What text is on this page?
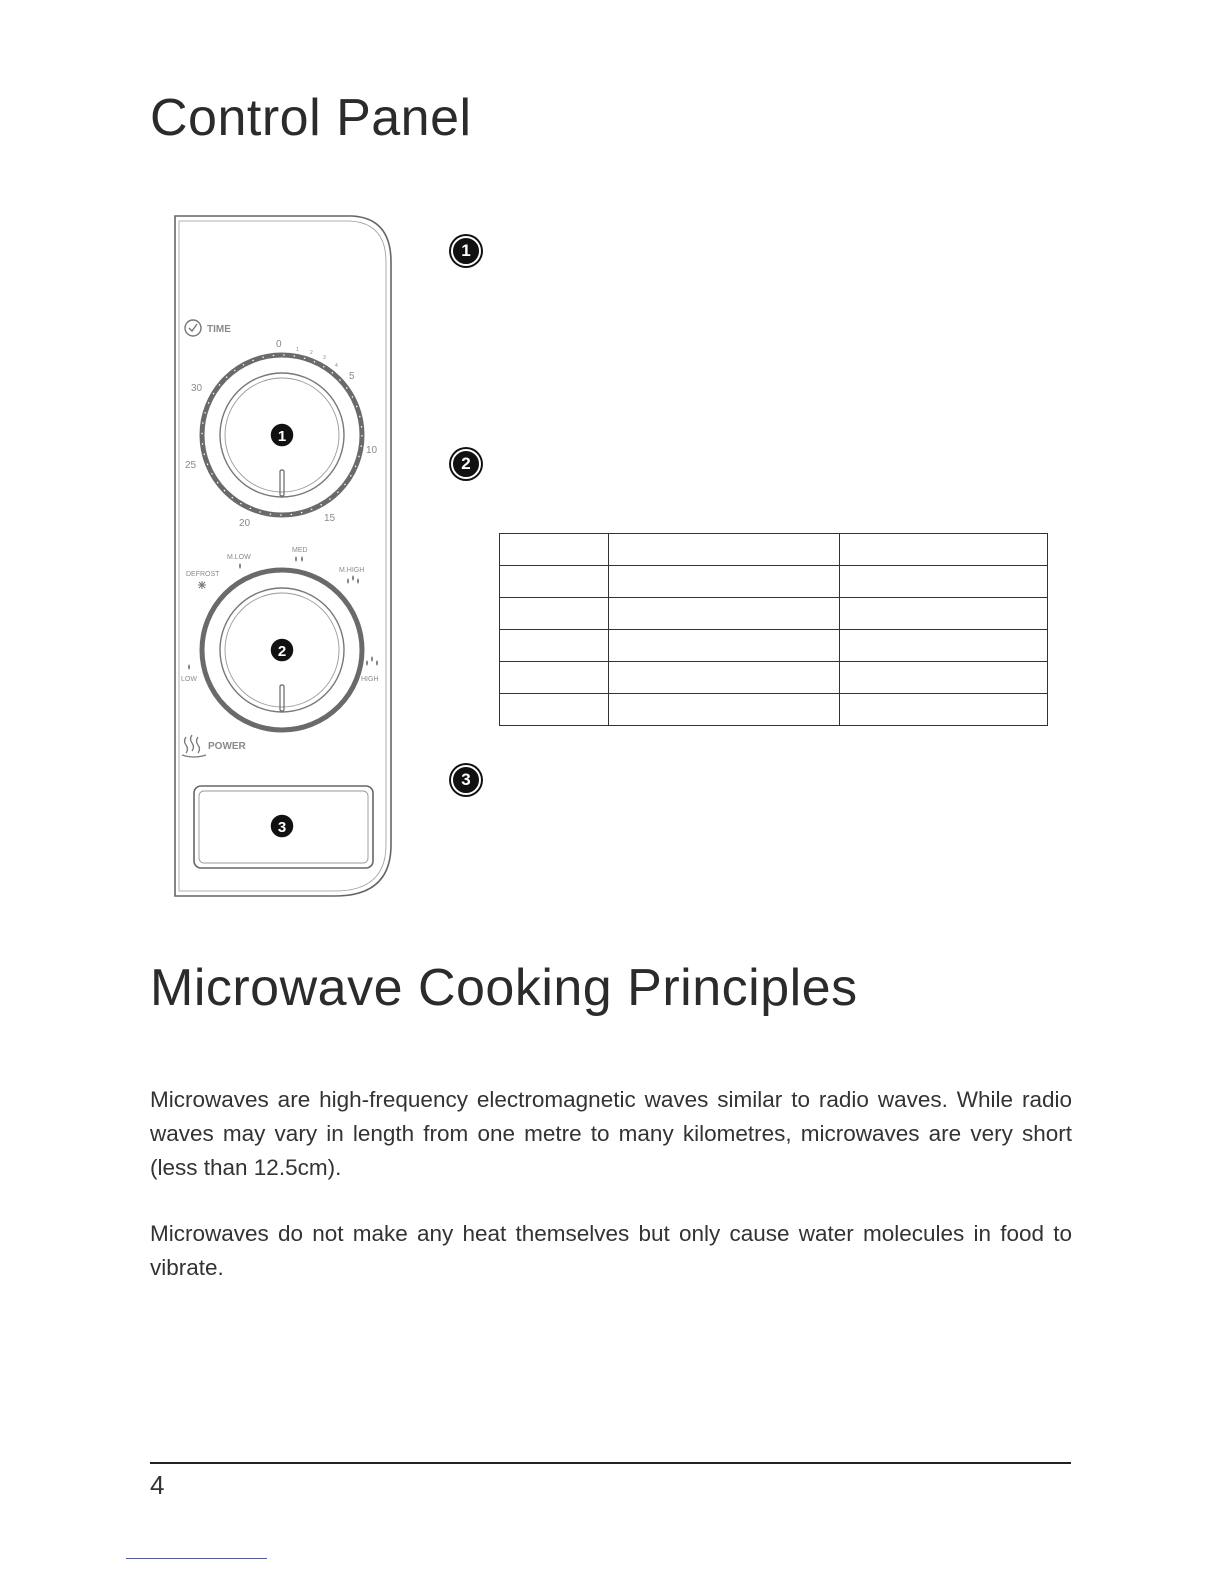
Control Panel
TIME
0	1 2
3
4
5
10
15
20
25
30
M.LOW
MED
M.HIGH
DEFROST
LOW	HIGH
POWER
1
2
3
1
2
3

Microwave Cooking Principles

Microwaves are high-frequency electromagnetic waves similar to radio waves. While radio waves may vary in length from one metre to many kilometres, microwaves are very short (less than 12.5cm).

Microwaves do not make any heat themselves but only cause water molecules in food to vibrate.

4
